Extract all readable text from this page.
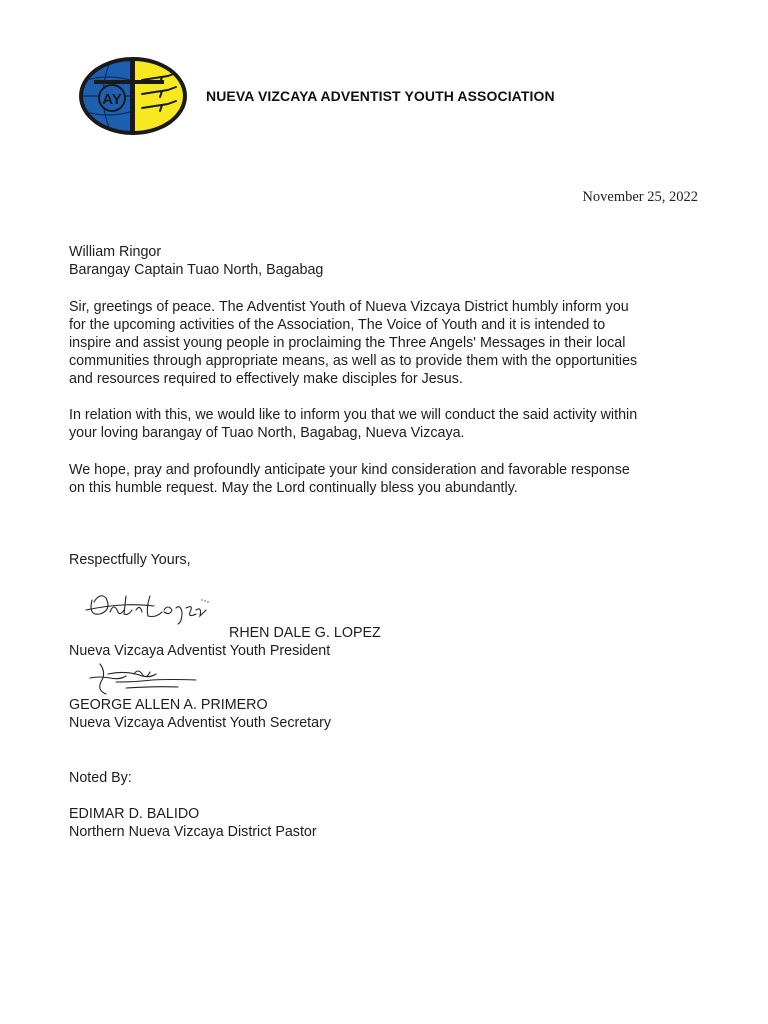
AY	NUEVA VIZCAYA ADVENTIST YOUTH ASSOCIATION
November 25, 2022
William Ringor
Barangay Captain Tuao North, Bagabag
Sir, greetings of peace. The Adventist Youth of Nueva Vizcaya District humbly inform you
for the upcoming activities of the Association, The Voice of Youth and it is intended to
inspire and assist young people in proclaiming the Three Angels' Messages in their local
communities through appropriate means, as well as to provide them with the opportunities
and resources required to effectively make disciples for Jesus.
In relation with this, we would like to inform you that we will conduct the said activity within
your loving barangay of Tuao North, Bagabag, Nueva Vizcaya.
We hope, pray and profoundly anticipate your kind consideration and favorable response
on this humble request. May the Lord continually bless you abundantly.
Respectfully Yours,
RHEN DALE G. LOPEZ
Nueva Vizcaya Adventist Youth President
GEORGE ALLEN A. PRIMERO
Nueva Vizcaya Adventist Youth Secretary
Noted By:
EDIMAR D. BALIDO
Northern Nueva Vizcaya District Pastor
